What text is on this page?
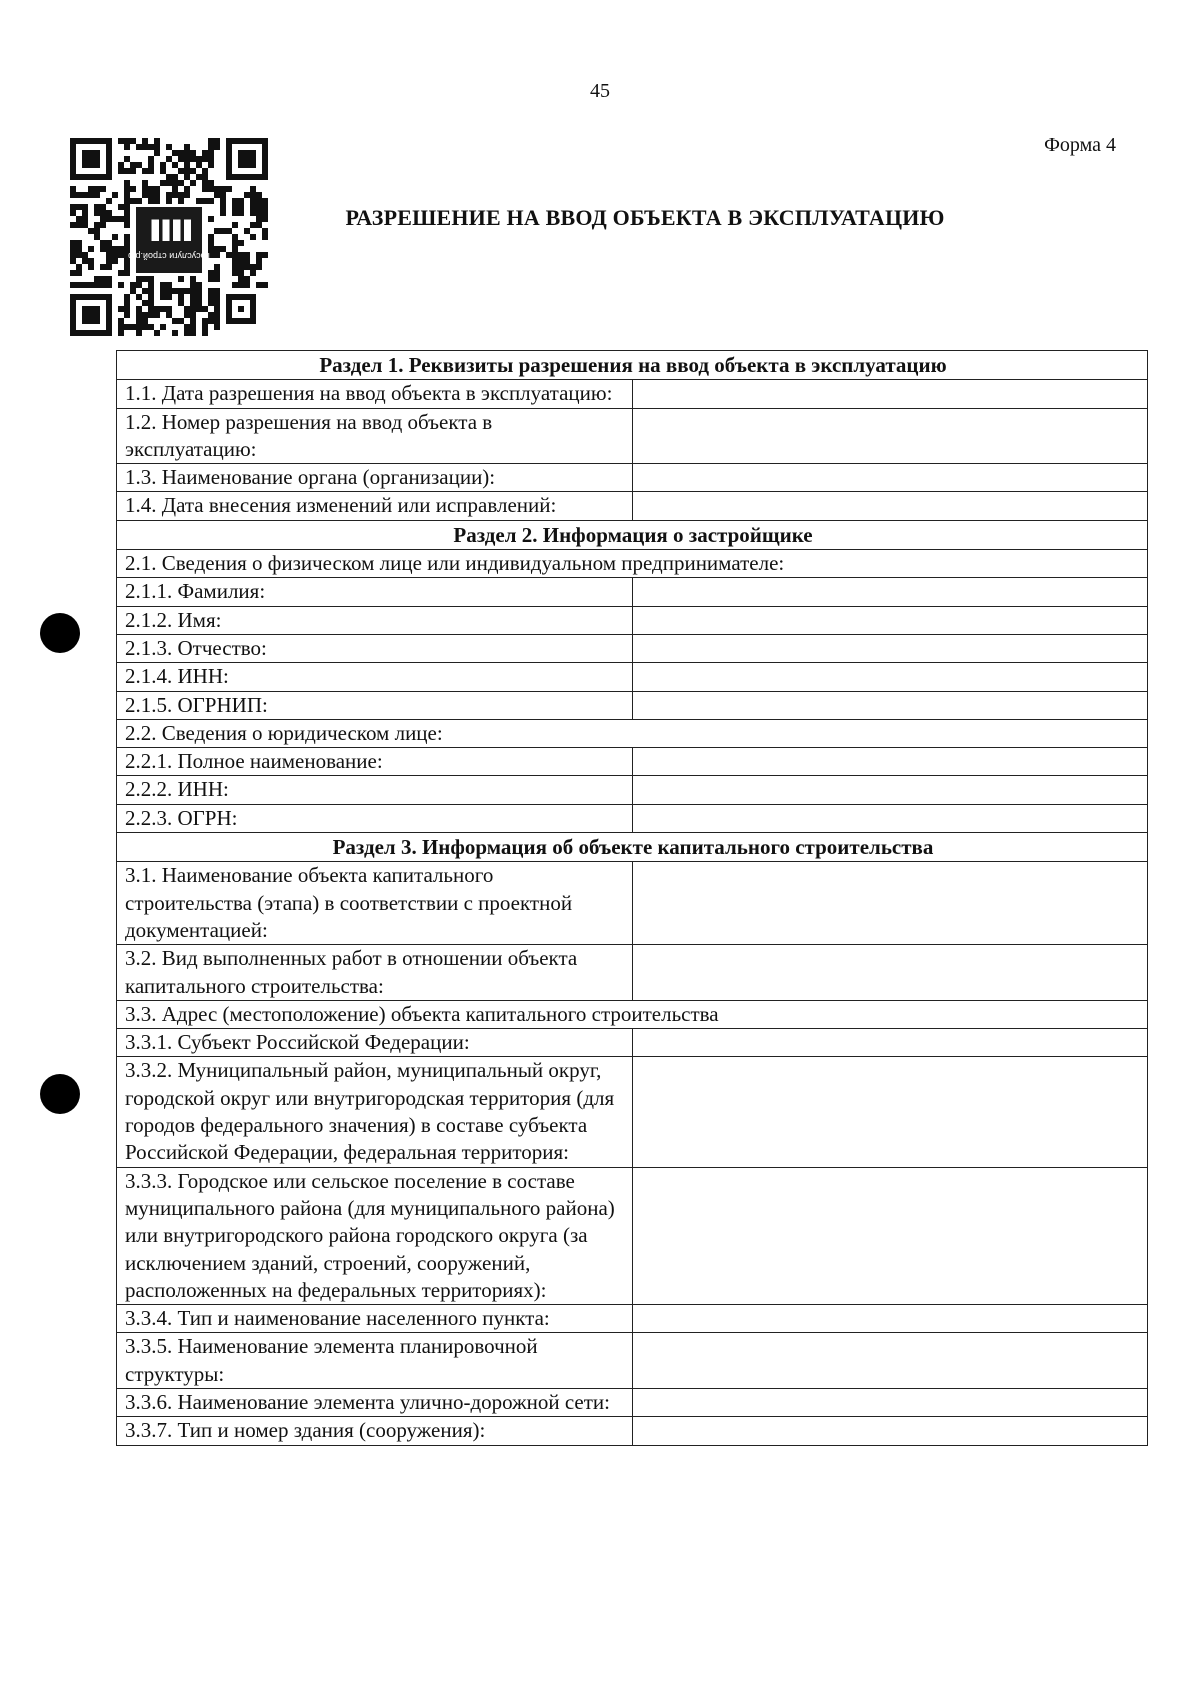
45
Форма 4
РАЗРЕШЕНИЕ НА ВВОД ОБЪЕКТА В ЭКСПЛУАТАЦИЮ
Госуслуги строй.рф
Раздел 1. Реквизиты разрешения на ввод объекта в эксплуатацию	
1.1. Дата разрешения на ввод объекта в эксплуатацию:	
1.2. Номер разрешения на ввод объекта в эксплуатацию:	
1.3. Наименование органа (организации):	
1.4. Дата внесения изменений или исправлений:	
Раздел 2. Информация о застройщике	
2.1. Сведения о физическом лице или индивидуальном предпринимателе:	
2.1.1. Фамилия:	
2.1.2. Имя:	
2.1.3. Отчество:	
2.1.4. ИНН:	
2.1.5. ОГРНИП:	
2.2. Сведения о юридическом лице:	
2.2.1. Полное наименование:	
2.2.2. ИНН:	
2.2.3. ОГРН:	
Раздел 3. Информация об объекте капитального строительства	
3.1. Наименование объекта капитального строительства (этапа) в соответствии с проектной документацией:	
3.2. Вид выполненных работ в отношении объекта капитального строительства:	
3.3. Адрес (местоположение) объекта капитального строительства	
3.3.1. Субъект Российской Федерации:	
3.3.2. Муниципальный район, муниципальный округ, городской округ или внутригородская территория (для городов федерального значения) в составе субъекта Российской Федерации, федеральная территория:	
3.3.3. Городское или сельское поселение в составе муниципального района (для муниципального района) или внутригородского района городского округа (за исключением зданий, строений, сооружений, расположенных на федеральных территориях):	
3.3.4. Тип и наименование населенного пункта:	
3.3.5. Наименование элемента планировочной структуры:	
3.3.6. Наименование элемента улично-дорожной сети:	
3.3.7. Тип и номер здания (сооружения):	
